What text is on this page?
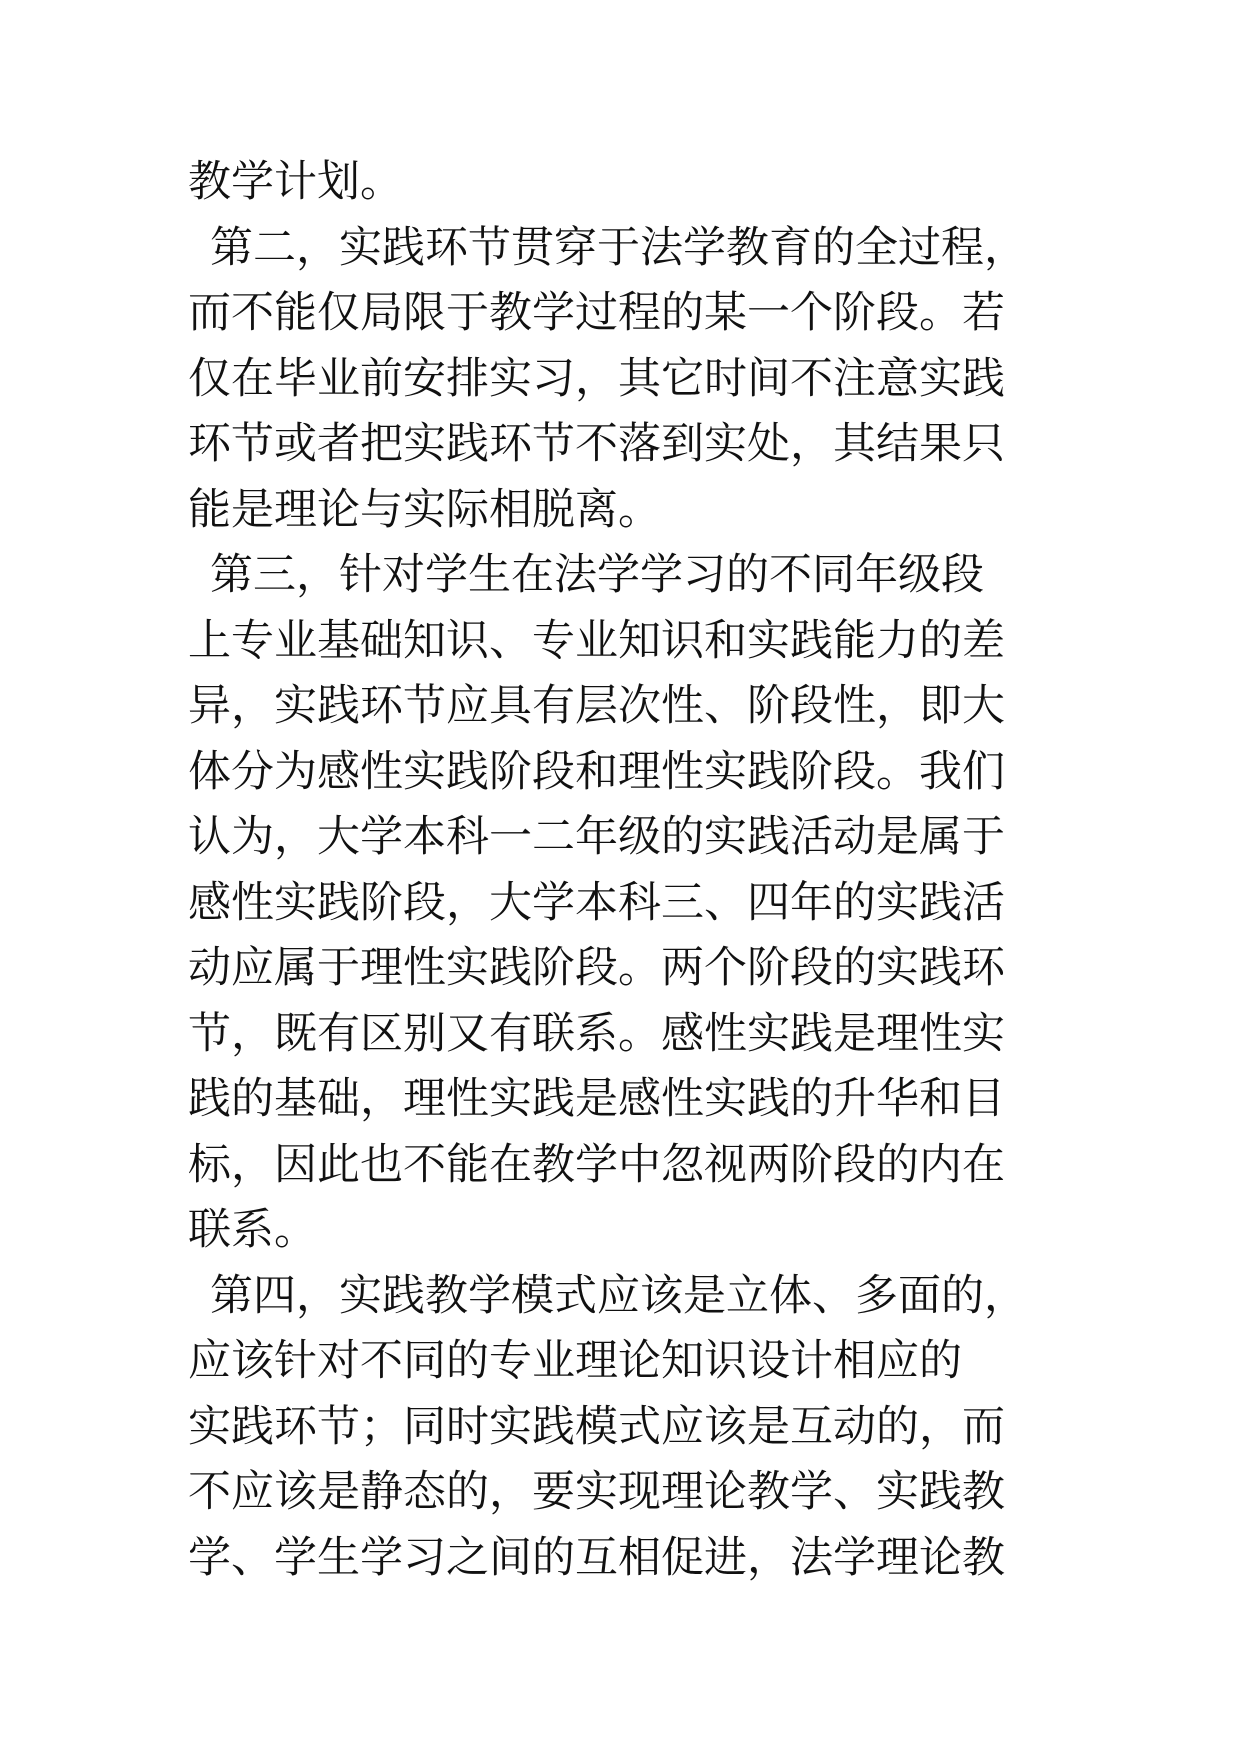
教学计划。
第二，实践环节贯穿于法学教育的全过程，
而不能仅局限于教学过程的某一个阶段。若
仅在毕业前安排实习，其它时间不注意实践
环节或者把实践环节不落到实处，其结果只
能是理论与实际相脱离。
第三，针对学生在法学学习的不同年级段
上专业基础知识、专业知识和实践能力的差
异，实践环节应具有层次性、阶段性，即大
体分为感性实践阶段和理性实践阶段。我们
认为，大学本科一二年级的实践活动是属于
感性实践阶段，大学本科三、四年的实践活
动应属于理性实践阶段。两个阶段的实践环
节，既有区别又有联系。感性实践是理性实
践的基础，理性实践是感性实践的升华和目
标，因此也不能在教学中忽视两阶段的内在
联系。
第四，实践教学模式应该是立体、多面的，
应该针对不同的专业理论知识设计相应的
实践环节；同时实践模式应该是互动的，而
不应该是静态的，要实现理论教学、实践教
学、学生学习之间的互相促进，法学理论教
